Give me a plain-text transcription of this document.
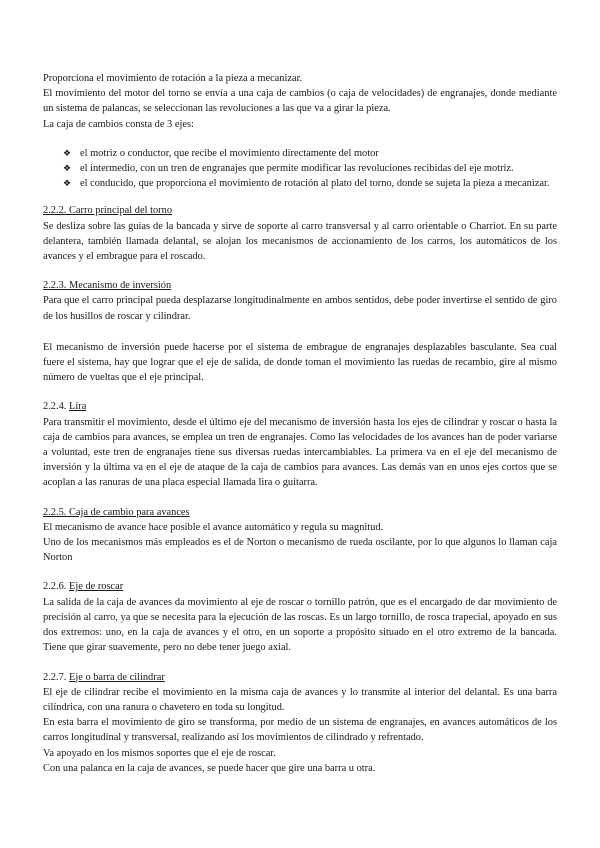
Proporciona el movimiento de rotación a la pieza a mecanizar.

El movimiento del motor del torno se envía a una caja de cambios (o caja de velocidades) de engranajes, donde mediante un sistema de palancas, se seleccionan las revoluciones a las que va a girar la pieza.

La caja de cambios consta de 3 ejes:

❖ el motriz o conductor, que recibe el movimiento directamente del motor
❖ el intermedio, con un tren de engranajes que permite modificar las revoluciones recibidas del eje motriz.
❖ el conducido, que proporciona el movimiento de rotación al plato del torno, donde se sujeta la pieza a mecanizar.
2.2.2. Carro principal del torno

Se desliza sobre las guías de la bancada y sirve de soporte al carro transversal y al carro orientable o Charriot. En su parte delantera, también llamada delantal, se alojan los mecanismos de accionamiento de los carros, los automáticos de los avances y el embrague para el roscado.

2.2.3. Mecanismo de inversión

Para que el carro principal pueda desplazarse longitudinalmente en ambos sentidos, debe poder invertirse el sentido de giro de los husillos de roscar y cilindrar.

El mecanismo de inversión puede hacerse por el sistema de embrague de engranajes desplazables basculante. Sea cual fuere el sistema, hay que lograr que el eje de salida, de donde toman el movimiento las ruedas de recambio, gire al mismo número de vueltas que el eje principal.

2.2.4. Lira

Para transmitir el movimiento, desde el último eje del mecanismo de inversión hasta los ejes de cilindrar y roscar o hasta la caja de cambios para avances, se emplea un tren de engranajes. Como las velocidades de los avances han de poder variarse a voluntad, este tren de engranajes tiene sus diversas ruedas intercambiables. La primera va en el eje del mecanismo de inversión y la última va en el eje de ataque de la caja de cambios para avances. Las demás van en unos ejes cortos que se acoplan a las ranuras de una placa especial llamada lira o guitarra.

2.2.5. Caja de cambio para avances

El mecanismo de avance hace posible el avance automático y regula su magnitud.

Uno de los mecanismos más empleados es el de Norton o mecanismo de rueda oscilante, por lo que algunos lo llaman caja Norton

2.2.6. Eje de roscar

La salida de la caja de avances da movimiento al eje de roscar o tornillo patrón, que es el encargado de dar movimiento de precisión al carro, ya que se necesita para la ejecución de las roscas. Es un largo tornillo, de rosca trapecial, apoyado en sus dos extremos: uno, en la caja de avances y el otro, en un soporte a propósito situado en el otro extremo de la bancada. Tiene que girar suavemente, pero no debe tener juego axial.

2.2.7. Eje o barra de cilindrar

El eje de cilindrar recibe el movimiento en la misma caja de avances y lo transmite al interior del delantal. Es una barra cilíndrica, con una ranura o chavetero en toda su longitud.

En esta barra el movimiento de giro se transforma, por medio de un sistema de engranajes, en avances automáticos de los carros longitudinal y transversal, realizando así los movimientos de cilindrado y refrentado.

Va apoyado en los mismos soportes que el eje de roscar.

Con una palanca en la caja de avances, se puede hacer que gire una barra u otra.
